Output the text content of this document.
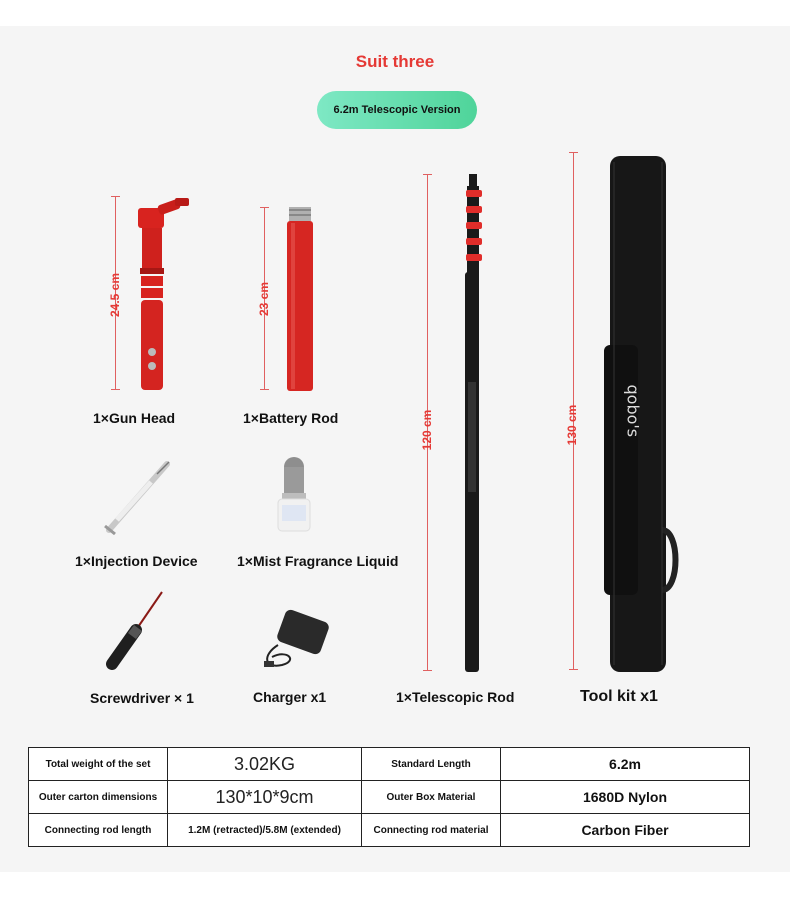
Suit three
6.2m Telescopic Version
24.5 cm
1×Gun Head
23 cm
1×Battery Rod
1×Injection Device	1×Mist Fragrance Liquid
Screwdriver × 1	Charger x1
120 cm
1×Telescopic Rod
130 cm	qobo's
Tool kit x1
Total weight of the set	3.02KG	Standard Length	6.2m
Outer carton dimensions	130*10*9cm	Outer Box Material	1680D Nylon
Connecting rod length	1.2M (retracted)/5.8M (extended)	Connecting rod material	Carbon Fiber
